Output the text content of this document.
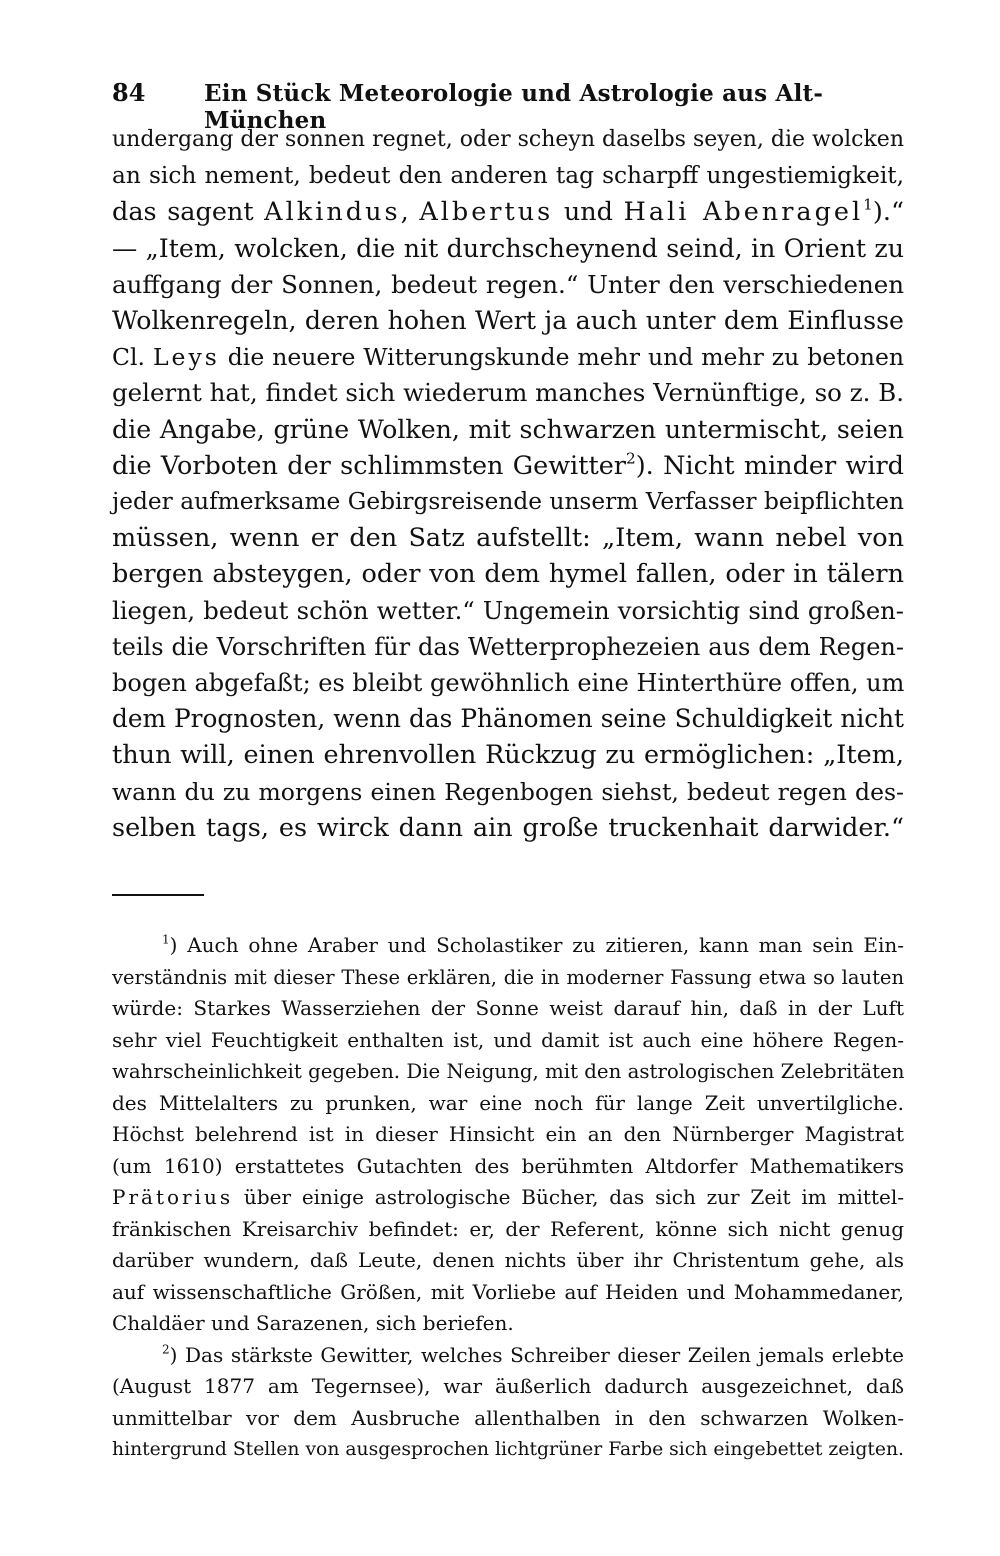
84	Ein Stück Meteorologie und Astrologie aus Alt-München

undergang der sonnen regnet, oder scheyn daselbs seyen, die wolcken
an sich nement, bedeut den anderen tag scharpff ungestiemigkeit,
das sagent Alkindus, Albertus und Hali Abenragel$^1$).“
— „Item, wolcken, die nit durchscheynend seind, in Orient zu
auffgang der Sonnen, bedeut regen.“ Unter den verschiedenen
Wolkenregeln, deren hohen Wert ja auch unter dem Einflusse
Cl. Leys die neuere Witterungskunde mehr und mehr zu betonen
gelernt hat, findet sich wiederum manches Vernünftige, so z. B.
die Angabe, grüne Wolken, mit schwarzen untermischt, seien
die Vorboten der schlimmsten Gewitter$^2$). Nicht minder wird
jeder aufmerksame Gebirgsreisende unserm Verfasser beipflichten
müssen, wenn er den Satz aufstellt: „Item, wann nebel von
bergen absteygen, oder von dem hymel fallen, oder in tälern
liegen, bedeut schön wetter.“ Ungemein vorsichtig sind großen-
teils die Vorschriften für das Wetterprophezeien aus dem Regen-
bogen abgefaßt; es bleibt gewöhnlich eine Hinterthüre offen, um
dem Prognosten, wenn das Phänomen seine Schuldigkeit nicht
thun will, einen ehrenvollen Rückzug zu ermöglichen: „Item,
wann du zu morgens einen Regenbogen siehst, bedeut regen des-
selben tags, es wirck dann ain große truckenhait darwider.“

$^1$) Auch ohne Araber und Scholastiker zu zitieren, kann man sein Ein-
verständnis mit dieser These erklären, die in moderner Fassung etwa so lauten
würde: Starkes Wasserziehen der Sonne weist darauf hin, daß in der Luft
sehr viel Feuchtigkeit enthalten ist, und damit ist auch eine höhere Regen-
wahrscheinlichkeit gegeben. Die Neigung, mit den astrologischen Zelebritäten
des Mittelalters zu prunken, war eine noch für lange Zeit unvertilgliche.
Höchst belehrend ist in dieser Hinsicht ein an den Nürnberger Magistrat
(um 1610) erstattetes Gutachten des berühmten Altdorfer Mathematikers
Prätorius über einige astrologische Bücher, das sich zur Zeit im mittel-
fränkischen Kreisarchiv befindet: er, der Referent, könne sich nicht genug
darüber wundern, daß Leute, denen nichts über ihr Christentum gehe, als
auf wissenschaftliche Größen, mit Vorliebe auf Heiden und Mohammedaner,
Chaldäer und Sarazenen, sich beriefen.
$^2$) Das stärkste Gewitter, welches Schreiber dieser Zeilen jemals erlebte
(August 1877 am Tegernsee), war äußerlich dadurch ausgezeichnet, daß
unmittelbar vor dem Ausbruche allenthalben in den schwarzen Wolken-
hintergrund Stellen von ausgesprochen lichtgrüner Farbe sich eingebettet zeigten.
